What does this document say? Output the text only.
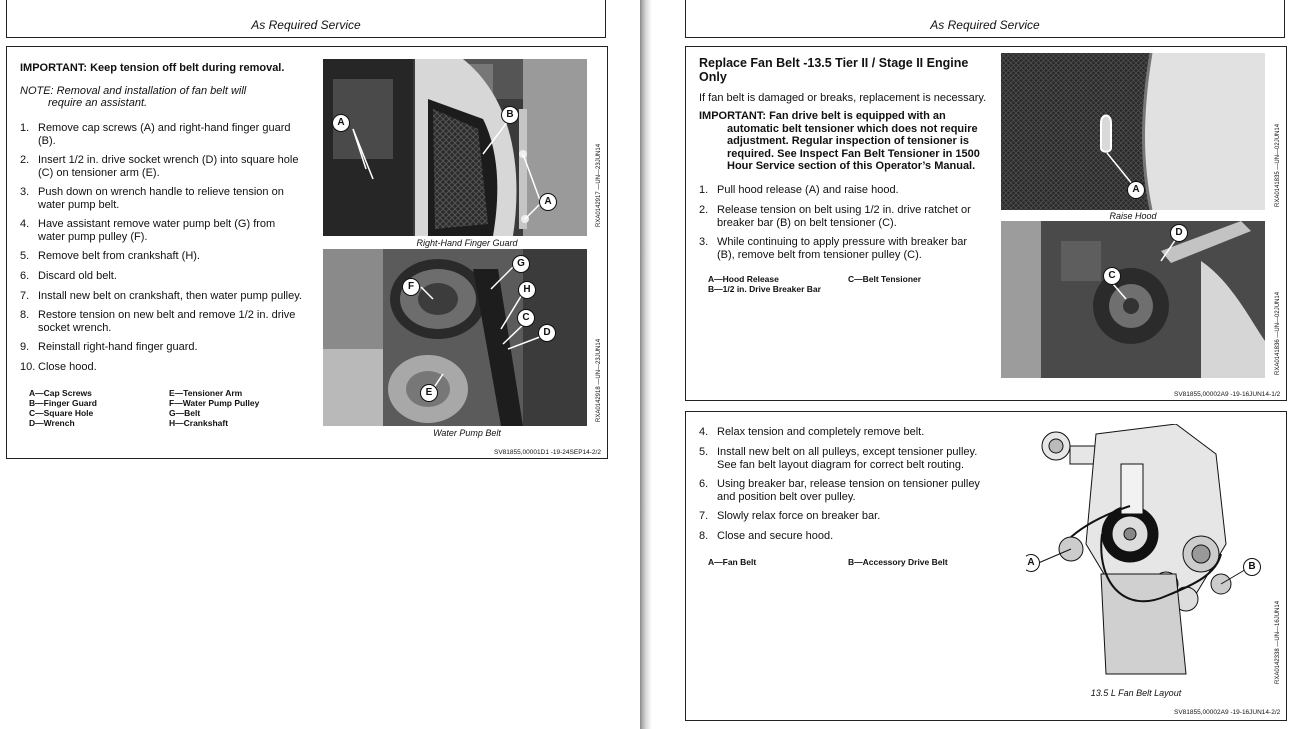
As Required Service
IMPORTANT: Keep tension off belt during removal.
NOTE: Removal and installation of fan belt will
require an assistant.
1. Remove cap screws (A) and right-hand finger guard
(B).
2. Insert 1/2 in. drive socket wrench (D) into square hole
(C) on tensioner arm (E).
3. Push down on wrench handle to relieve tension on
water pump belt.
4. Have assistant remove water pump belt (G) from
water pump pulley (F).
5. Remove belt from crankshaft (H).
6. Discard old belt.
7. Install new belt on crankshaft, then water pump pulley.
8. Restore tension on new belt and remove 1/2 in. drive
socket wrench.
9. Reinstall right-hand finger guard.
10. Close hood.
A—Cap Screws
B—Finger Guard
C—Square Hole
D—Wrench
E—Tensioner Arm
F—Water Pump Pulley
G—Belt
H—Crankshaft
A
B
A
Right-Hand Finger Guard
RXA0142917 —UN—23JUN14
G
F	H
C
D
E
Water Pump Belt
RXA0142918 —UN—23JUN14
SV81855,00001D1 -19-24SEP14-2/2
As Required Service
Replace Fan Belt -13.5 Tier II / Stage II Engine
Only
If fan belt is damaged or breaks, replacement is necessary.
IMPORTANT: Fan drive belt is equipped with an
automatic belt tensioner which does not require
adjustment. Regular inspection of tensioner is
required. See Inspect Fan Belt Tensioner in 1500
Hour Service section of this Operator’s Manual.
1. Pull hood release (A) and raise hood.
2. Release tension on belt using 1/2 in. drive ratchet or
breaker bar (B) on belt tensioner (C).
3. While continuing to apply pressure with breaker bar
(B), remove belt from tensioner pulley (C).
A—Hood Release
B—1/2 in. Drive Breaker Bar
C—Belt Tensioner
A
Raise Hood
RXA0141835 —UN—02JUN14
D
C
RXA0141836 —UN—02JUN14
SV81855,00002A9 -19-16JUN14-1/2
4. Relax tension and completely remove belt.
5. Install new belt on all pulleys, except tensioner pulley.
See fan belt layout diagram for correct belt routing.
6. Using breaker bar, release tension on tensioner pulley
and position belt over pulley.
7. Slowly relax force on breaker bar.
8. Close and secure hood.
A—Fan Belt	B—Accessory Drive Belt	A	B
13.5 L Fan Belt Layout
RXA0142338 —UN—16JUN14
SV81855,00002A9 -19-16JUN14-2/2
